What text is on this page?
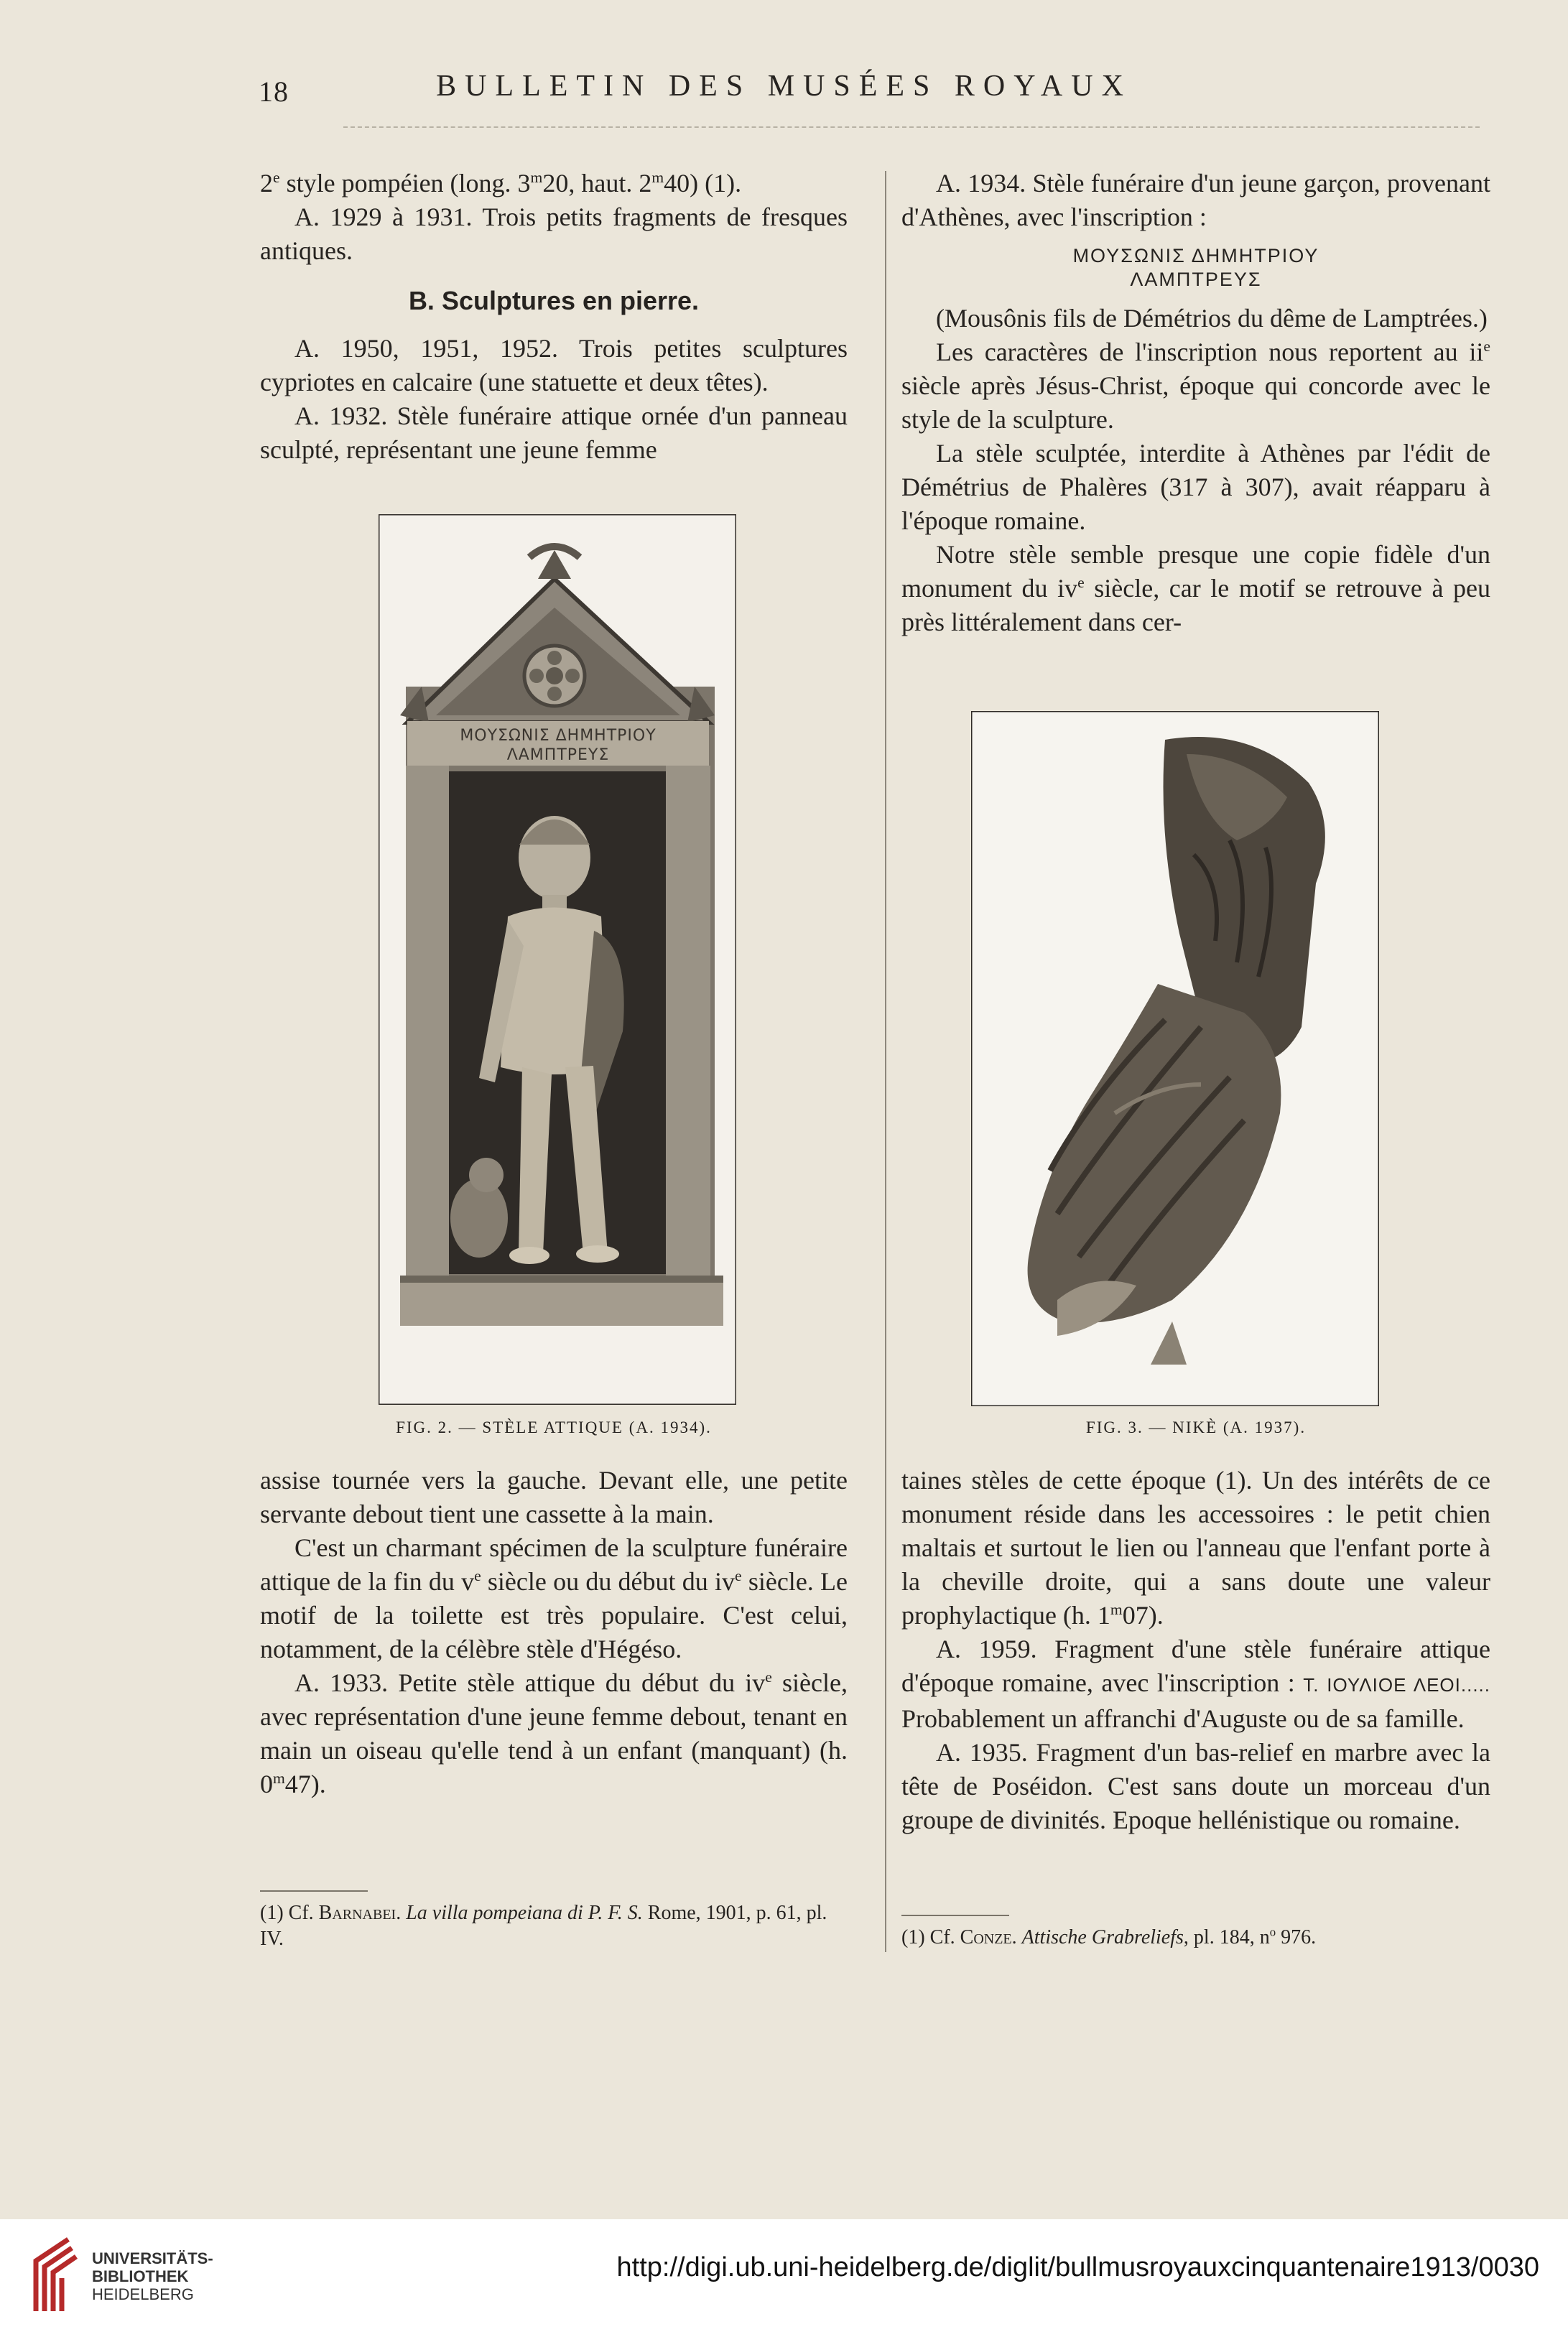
18	BULLETIN DES MUSÉES ROYAUX

2e style pompéien (long. 3$^m$20, haut. 2$^m$40) (1).

A. 1929 à 1931. Trois petits fragments de fresques antiques.

B. Sculptures en pierre.

A. 1950, 1951, 1952. Trois petites sculptures cypriotes en calcaire (une statuette et deux têtes).

A. 1932. Stèle funéraire attique ornée d'un panneau sculpté, représentant une jeune femme

ΜΟΥΣΩΝΙΣ ΔΗΜΗΤΡΙΟΥ
ΛΑΜΠΤΡΕΥΣ
FIG. 2. — STÈLE ATTIQUE (A. 1934).

assise tournée vers la gauche. Devant elle, une petite servante debout tient une cassette à la main.

C'est un charmant spécimen de la sculpture funéraire attique de la fin du $v^e$ siècle ou du début du $iv^e$ siècle. Le motif de la toilette est très populaire. C'est celui, notamment, de la célèbre stèle d'Hégéso.

A. 1933. Petite stèle attique du début du $iv^e$ siècle, avec représentation d'une jeune femme debout, tenant en main un oiseau qu'elle tend à un enfant (manquant) (h. 0$^m$47).

(1) Cf. Barnabei. La villa pompeiana di P. F. S. Rome, 1901, p. 61, pl. IV.

A. 1934. Stèle funéraire d'un jeune garçon, provenant d'Athènes, avec l'inscription :

ΜΟΥΣΩΝΙΣ ΔΗΜΗΤΡΙΟΥ
ΛΑΜΠΤΡΕΥΣ

(Mousônis fils de Démétrios du dême de Lamptrées.)

Les caractères de l'inscription nous reportent au $ii^e$ siècle après Jésus-Christ, époque qui concorde avec le style de la sculpture.

La stèle sculptée, interdite à Athènes par l'édit de Démétrius de Phalères (317 à 307), avait réapparu à l'époque romaine.

Notre stèle semble presque une copie fidèle d'un monument du $iv^e$ siècle, car le motif se retrouve à peu près littéralement dans cer-

FIG. 3. — NIKÈ (A. 1937).

taines stèles de cette époque (1). Un des intérêts de ce monument réside dans les accessoires : le petit chien maltais et surtout le lien ou l'anneau que l'enfant porte à la cheville droite, qui a sans doute une valeur prophylactique (h. 1$^m$07).

A. 1959. Fragment d'une stèle funéraire attique d'époque romaine, avec l'inscription : Τ. ΙΟΥΛΙΟΕ ΛΕΟΙ..... Probablement un affranchi d'Auguste ou de sa famille.

A. 1935. Fragment d'un bas-relief en marbre avec la tête de Poséidon. C'est sans doute un morceau d'un groupe de divinités. Epoque hellénistique ou romaine.

(1) Cf. Conze. Attische Grabreliefs, pl. 184, $n^o$ 976.
UNIVERSITÄTS-
BIBLIOTHEK
HEIDELBERG
http://digi.ub.uni-heidelberg.de/diglit/bullmusroyauxcinquantenaire1913/0030
